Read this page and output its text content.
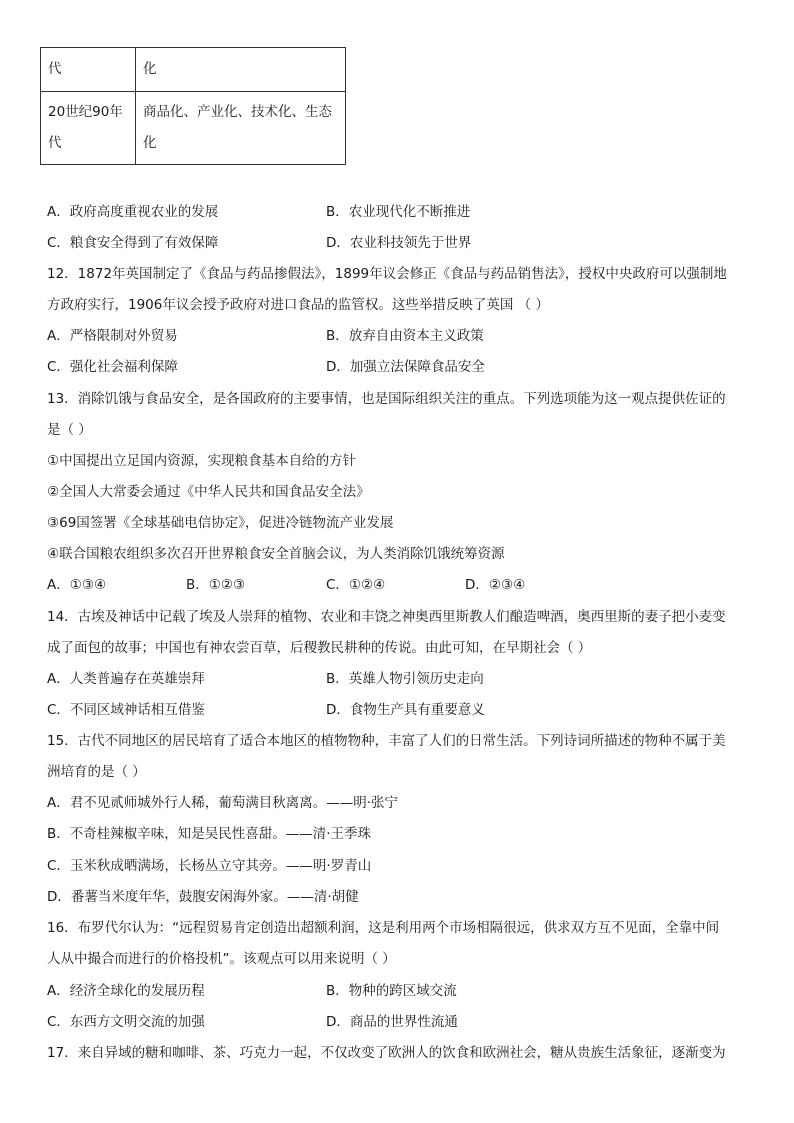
代	化
20世纪90年代	商品化、产业化、技术化、生态化
A．政府高度重视农业的发展	B．农业现代化不断推进
C．粮食安全得到了有效保障	D．农业科技领先于世界
12．1872年英国制定了《食品与药品掺假法》，1899年议会修正《食品与药品销售法》，授权中央政府可以强制地
方政府实行，1906年议会授予政府对进口食品的监管权。这些举措反映了英国 （ ）
A．严格限制对外贸易	B．放弃自由资本主义政策
C．强化社会福利保障	D．加强立法保障食品安全
13．消除饥饿与食品安全，是各国政府的主要事情，也是国际组织关注的重点。下列选项能为这一观点提供佐证的
是（ ）
①中国提出立足国内资源，实现粮食基本自给的方针
②全国人大常委会通过《中华人民共和国食品安全法》
③69国签署《全球基础电信协定》，促进冷链物流产业发展
④联合国粮农组织多次召开世界粮食安全首脑会议，为人类消除饥饿统筹资源
A．①③④	B．①②③	C．①②④	D．②③④
14．古埃及神话中记载了埃及人崇拜的植物、农业和丰饶之神奥西里斯教人们酿造啤酒，奥西里斯的妻子把小麦变
成了面包的故事；中国也有神农尝百草，后稷教民耕种的传说。由此可知，在早期社会（ ）
A．人类普遍存在英雄崇拜	B．英雄人物引领历史走向
C．不同区域神话相互借鉴	D．食物生产具有重要意义
15．古代不同地区的居民培育了适合本地区的植物物种，丰富了人们的日常生活。下列诗词所描述的物种不属于美
洲培育的是（ ）
A．君不见贰师城外行人稀，葡萄满目秋离离。——明·张宁
B．不奇桂辣椒辛味，知是吴民性喜甜。——清·王季珠
C．玉米秋成晒满场，长杨丛立守其旁。——明·罗青山
D．番薯当米度年华，鼓腹安闲海外家。——清·胡健
16．布罗代尔认为：“远程贸易肯定创造出超额利润，这是利用两个市场相隔很远，供求双方互不见面，全靠中间
人从中撮合而进行的价格投机”。该观点可以用来说明（ ）
A．经济全球化的发展历程	B．物种的跨区域交流
C．东西方文明交流的加强	D．商品的世界性流通
17．来自异域的糖和咖啡、茶、巧克力一起，不仅改变了欧洲人的饮食和欧洲社会，糖从贵族生活象征，逐渐变为
